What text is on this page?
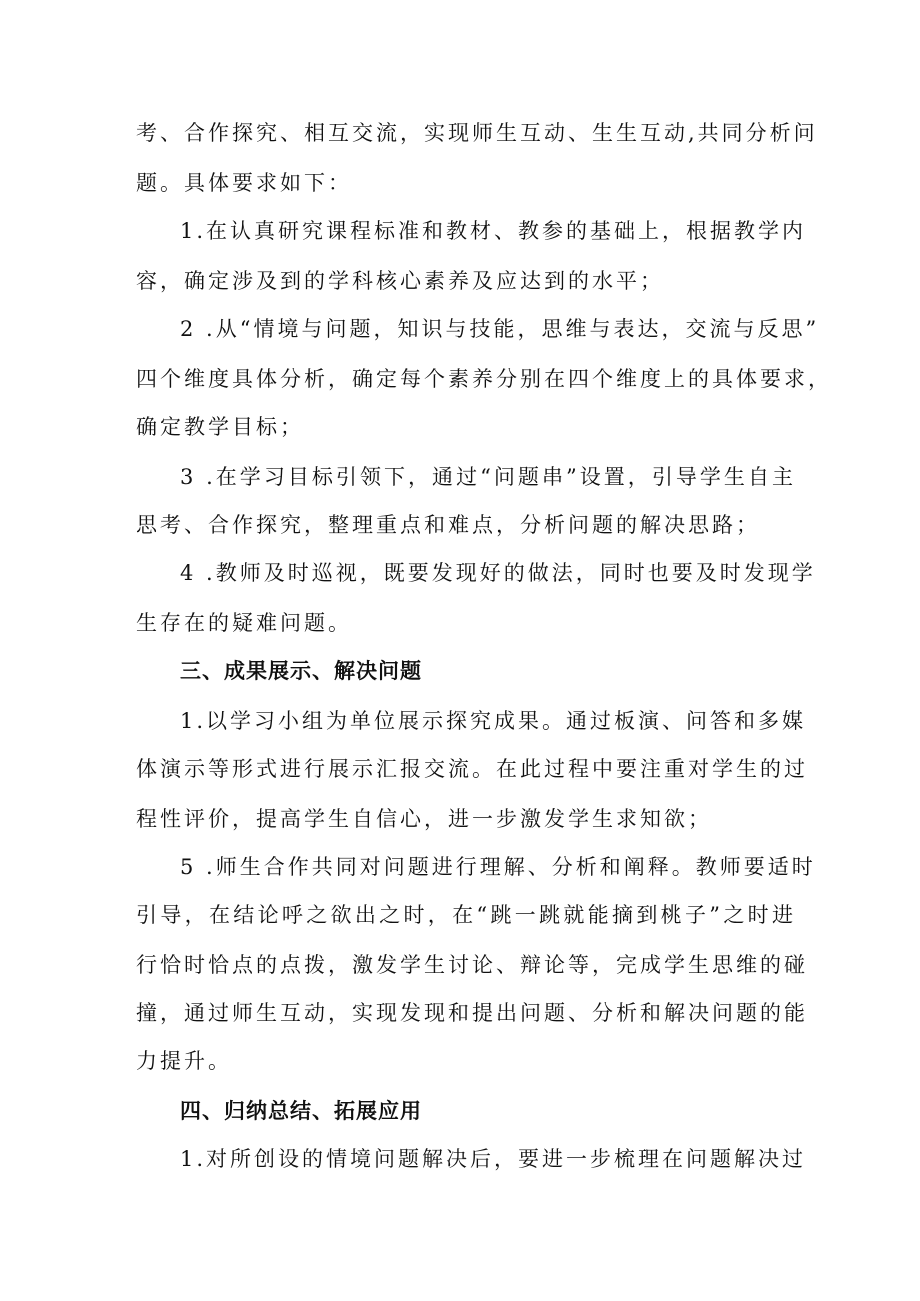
考、合作探究、相互交流，实现师生互动、生生互动,共同分析问
题。具体要求如下：
1.在认真研究课程标准和教材、教参的基础上，根据教学内
容，确定涉及到的学科核心素养及应达到的水平；
2 .从“情境与问题，知识与技能，思维与表达，交流与反思”
四个维度具体分析，确定每个素养分别在四个维度上的具体要求，
确定教学目标；
3 .在学习目标引领下，通过“问题串”设置，引导学生自主
思考、合作探究，整理重点和难点，分析问题的解决思路；
4 .教师及时巡视，既要发现好的做法，同时也要及时发现学
生存在的疑难问题。
三、成果展示、解决问题
1.以学习小组为单位展示探究成果。通过板演、问答和多媒
体演示等形式进行展示汇报交流。在此过程中要注重对学生的过
程性评价，提高学生自信心，进一步激发学生求知欲；
5 .师生合作共同对问题进行理解、分析和阐释。教师要适时
引导，在结论呼之欲出之时，在“跳一跳就能摘到桃子”之时进
行恰时恰点的点拨，激发学生讨论、辩论等，完成学生思维的碰
撞，通过师生互动，实现发现和提出问题、分析和解决问题的能
力提升。
四、归纳总结、拓展应用
1.对所创设的情境问题解决后，要进一步梳理在问题解决过
